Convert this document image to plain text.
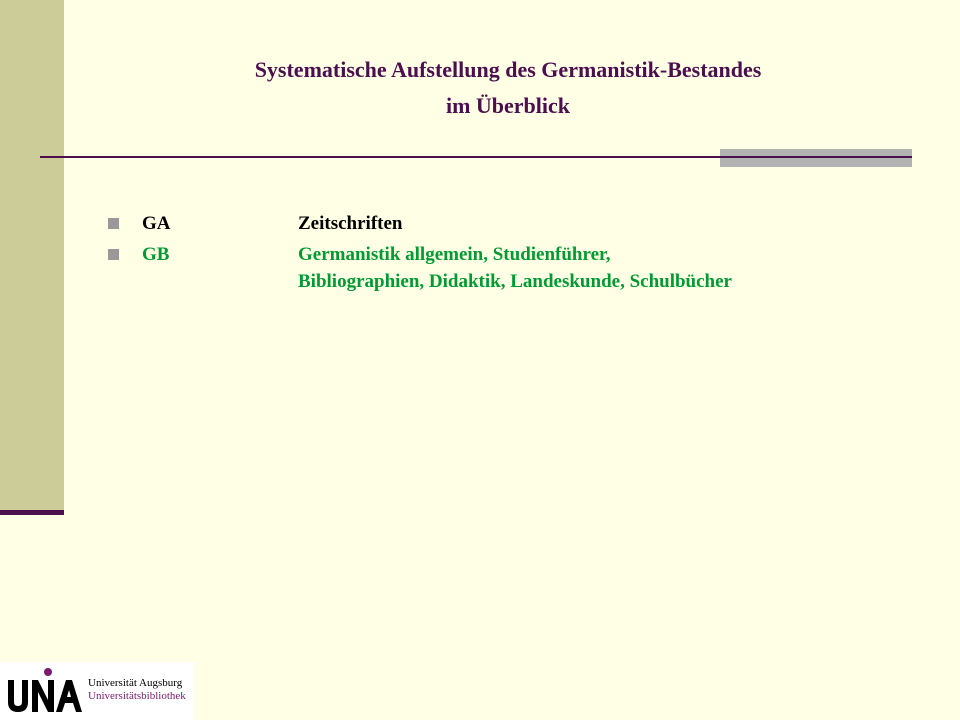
Systematische Aufstellung des Germanistik-Bestandes
im Überblick
GA	Zeitschriften
GB	Germanistik allgemein, Studienführer, Bibliographien, Didaktik, Landeskunde, Schulbücher
Universität Augsburg
Universitätsbibliothek
